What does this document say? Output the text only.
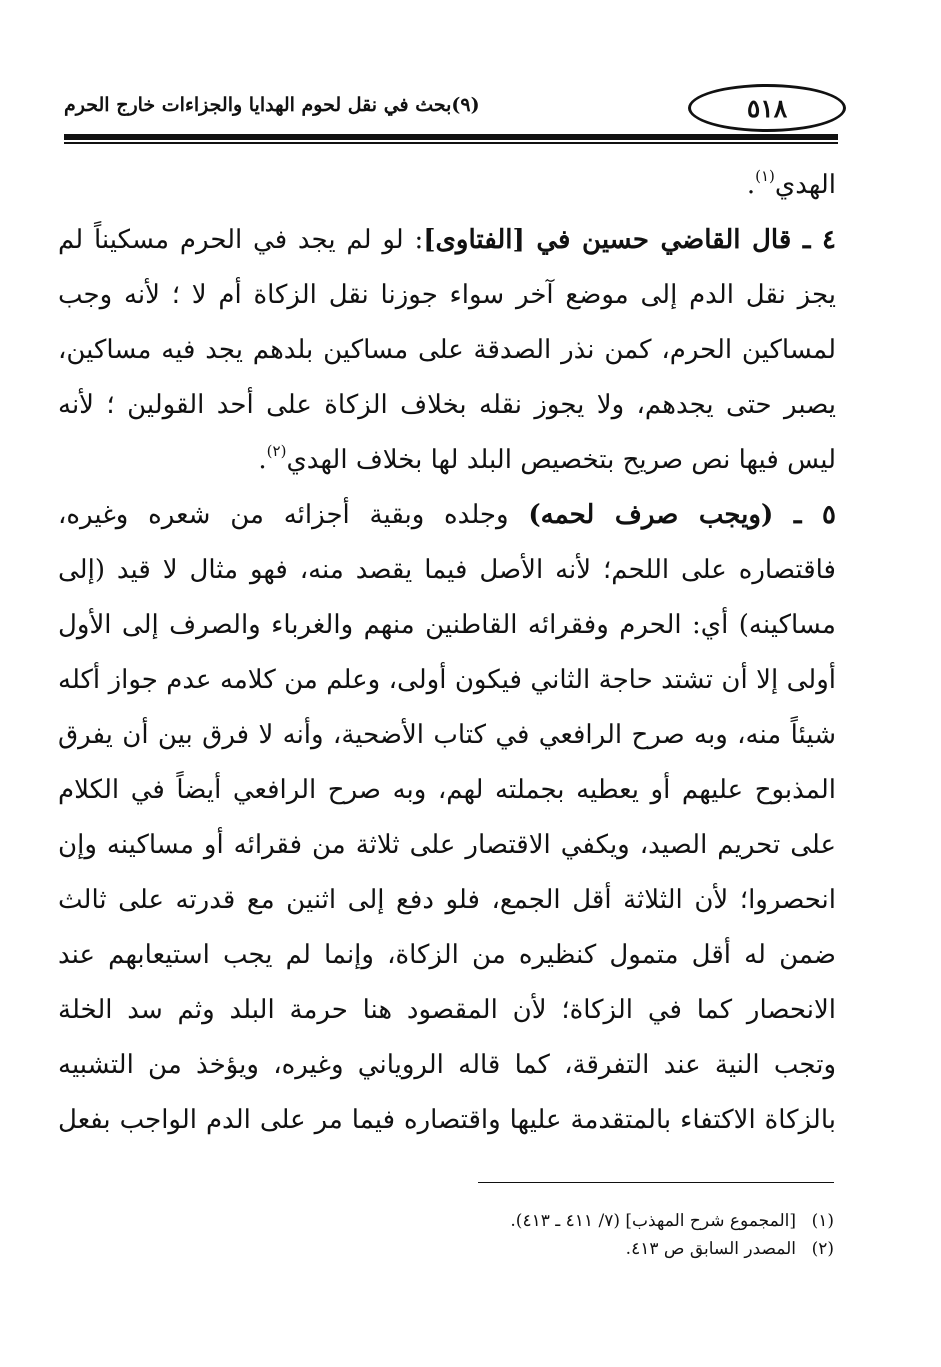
٥١٨
(٩)بحث في نقل لحوم الهدايا والجزاءات خارج الحرم
الهدي$^{(١)}$.
٤ ـ قال القاضي حسين في [الفتاوى]: لو لم يجد في الحرم مسكيناً لم
يجز نقل الدم إلى موضع آخر سواء جوزنا نقل الزكاة أم لا ؛ لأنه وجب
لمساكين الحرم، كمن نذر الصدقة على مساكين بلدهم يجد فيه مساكين،
يصبر حتى يجدهم، ولا يجوز نقله بخلاف الزكاة على أحد القولين ؛ لأنه
ليس فيها نص صريح بتخصيص البلد لها بخلاف الهدي$^{(٢)}$.
٥ ـ (ويجب صرف لحمه) وجلده وبقية أجزائه من شعره وغيره،
فاقتصاره على اللحم؛ لأنه الأصل فيما يقصد منه، فهو مثال لا قيد (إلى
مساكينه) أي: الحرم وفقرائه القاطنين منهم والغرباء والصرف إلى الأول
أولى إلا أن تشتد حاجة الثاني فيكون أولى، وعلم من كلامه عدم جواز أكله
شيئاً منه، وبه صرح الرافعي في كتاب الأضحية، وأنه لا فرق بين أن يفرق
المذبوح عليهم أو يعطيه بجملته لهم، وبه صرح الرافعي أيضاً في الكلام
على تحريم الصيد، ويكفي الاقتصار على ثلاثة من فقرائه أو مساكينه وإن
انحصروا؛ لأن الثلاثة أقل الجمع، فلو دفع إلى اثنين مع قدرته على ثالث
ضمن له أقل متمول كنظيره من الزكاة، وإنما لم يجب استيعابهم عند
الانحصار كما في الزكاة؛ لأن المقصود هنا حرمة البلد وثم سد الخلة
وتجب النية عند التفرقة، كما قاله الروياني وغيره، ويؤخذ من التشبيه
بالزكاة الاكتفاء بالمتقدمة عليها واقتصاره فيما مر على الدم الواجب بفعل
(١)[المجموع شرح المهذب] (٧/ ٤١١ ـ ٤١٣).
(٢)المصدر السابق ص ٤١٣.
